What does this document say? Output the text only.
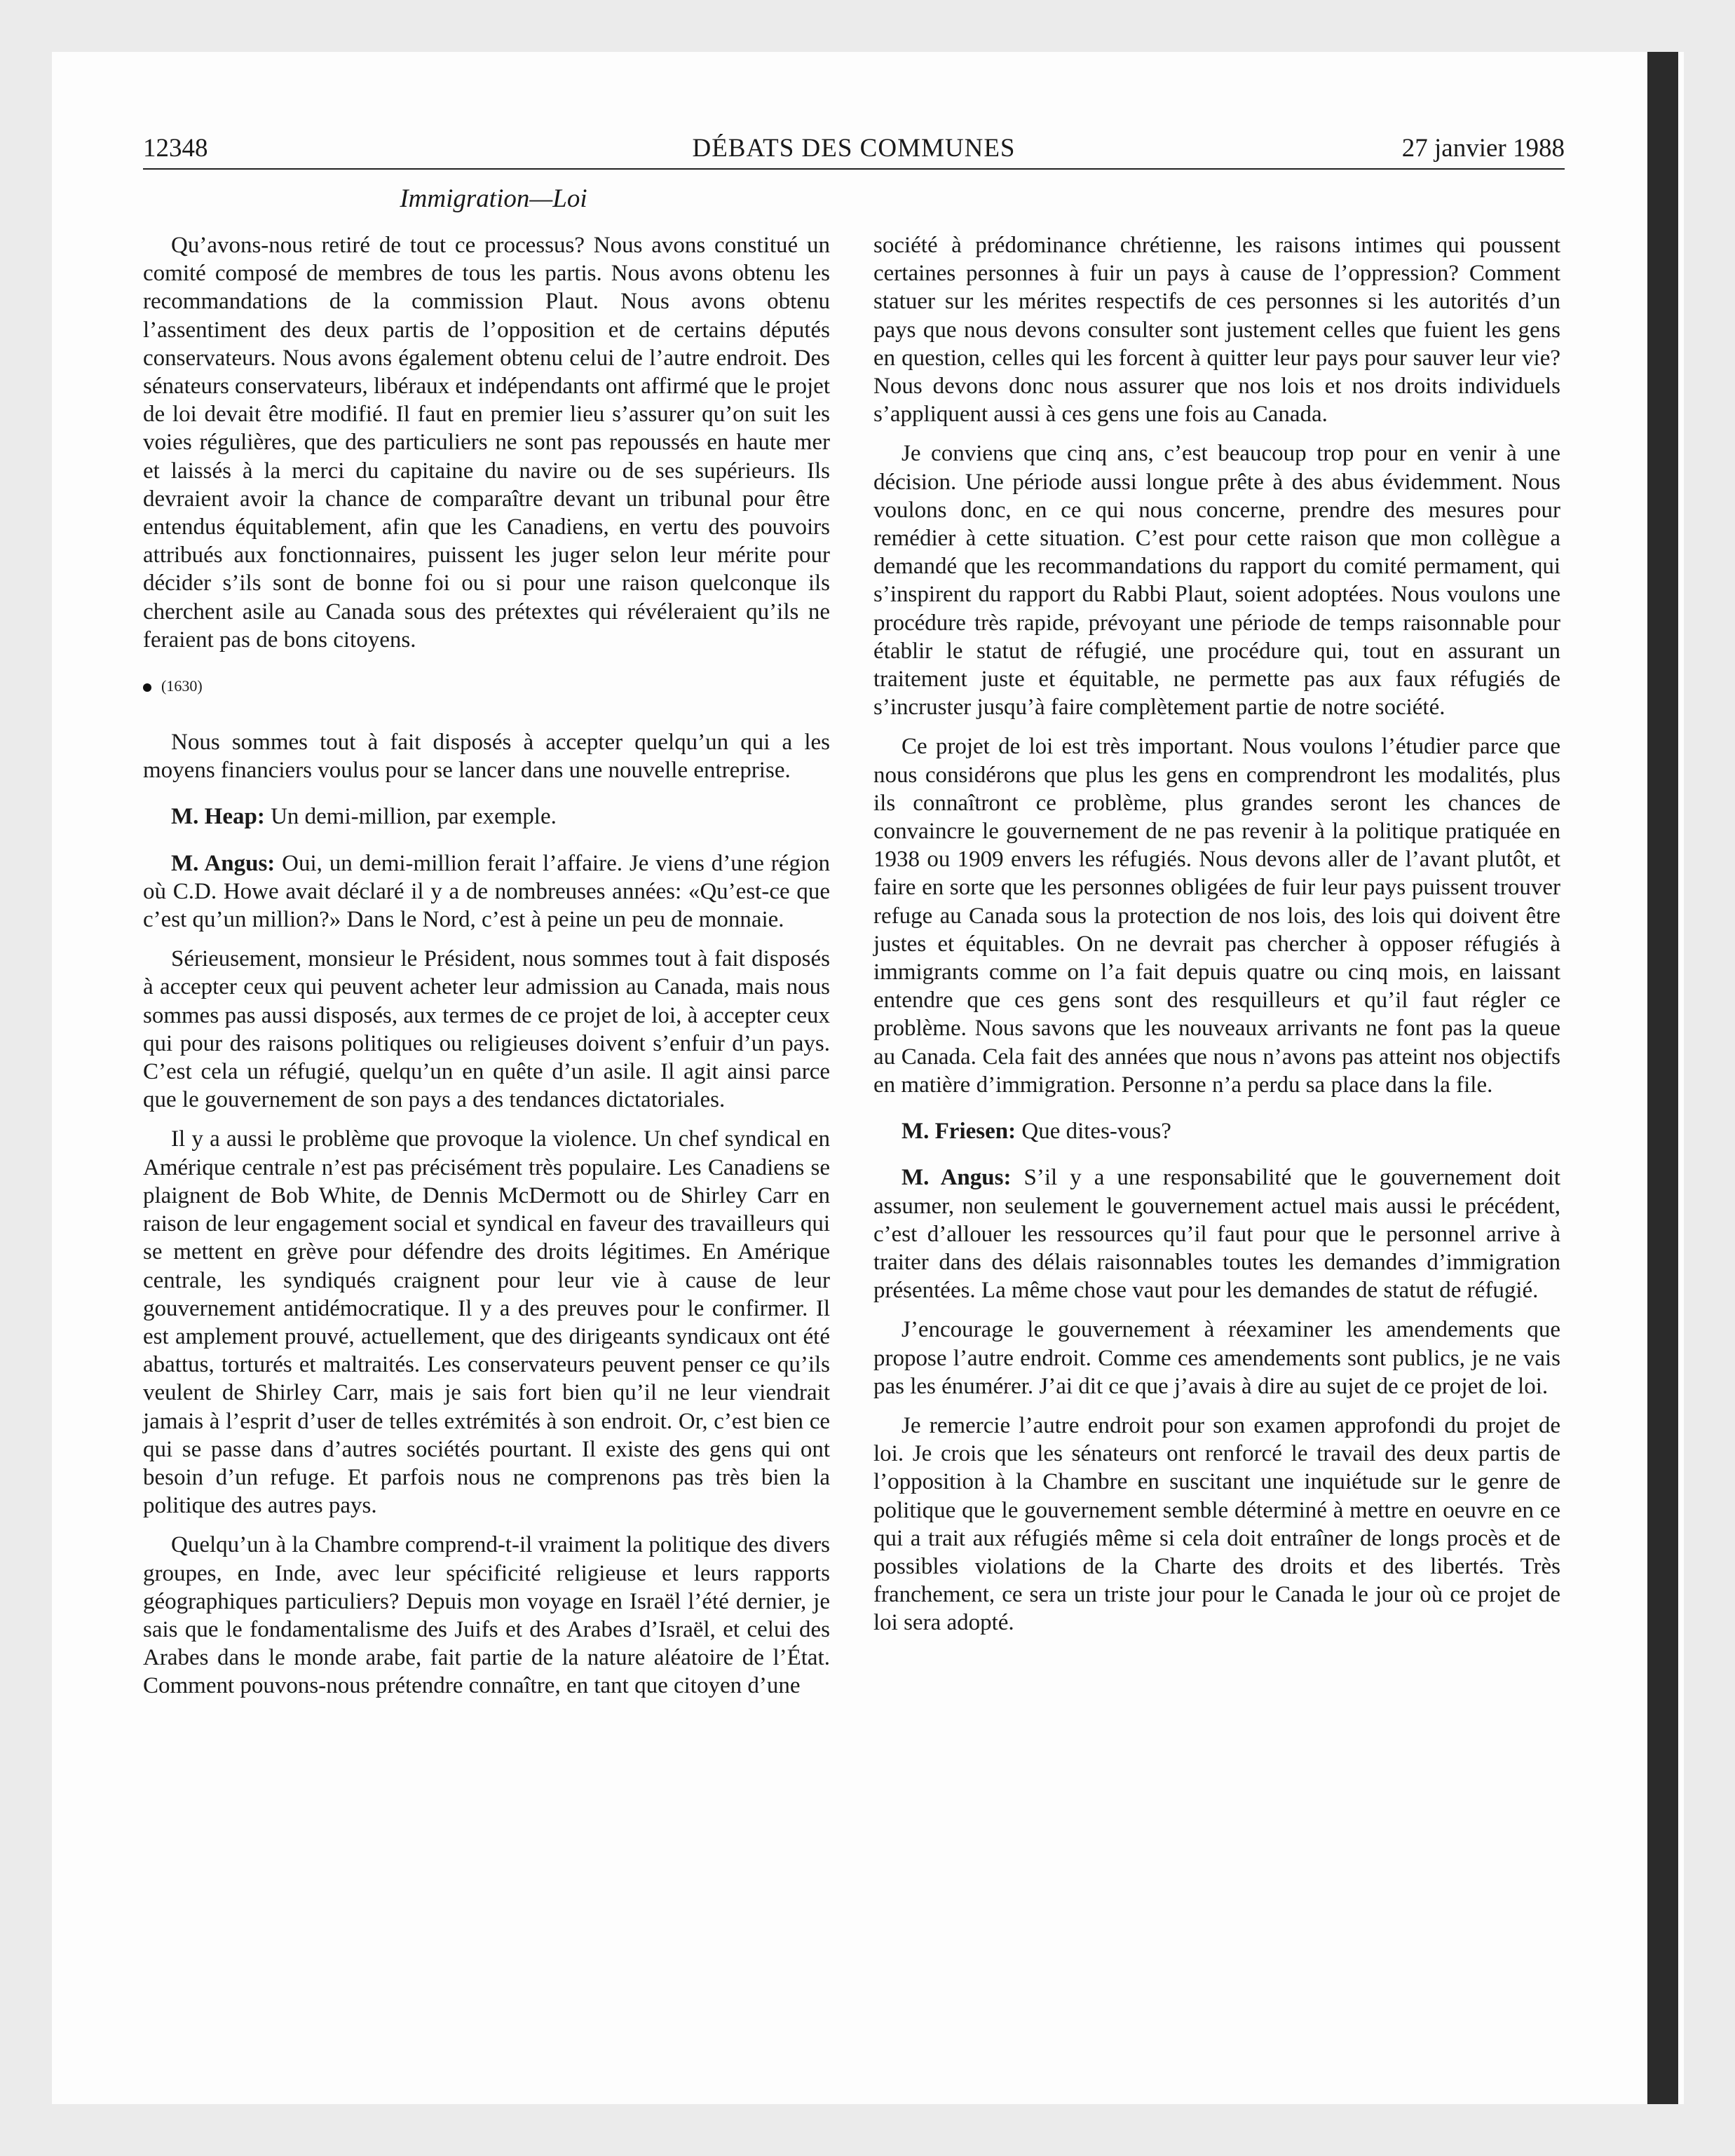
12348	DÉBATS DES COMMUNES	27 janvier 1988
Immigration—Loi

Qu’avons-nous retiré de tout ce processus? Nous avons constitué un comité composé de membres de tous les partis. Nous avons obtenu les recommandations de la commission Plaut. Nous avons obtenu l’assentiment des deux partis de l’opposition et de certains députés conservateurs. Nous avons également obtenu celui de l’autre endroit. Des sénateurs conservateurs, libéraux et indépendants ont affirmé que le projet de loi devait être modifié. Il faut en premier lieu s’assurer qu’on suit les voies régulières, que des particuliers ne sont pas repoussés en haute mer et laissés à la merci du capitaine du navire ou de ses supérieurs. Ils devraient avoir la chance de comparaître devant un tribunal pour être entendus équitablement, afin que les Canadiens, en vertu des pouvoirs attribués aux fonctionnaires, puissent les juger selon leur mérite pour décider s’ils sont de bonne foi ou si pour une raison quelconque ils cherchent asile au Canada sous des prétextes qui révéleraient qu’ils ne feraient pas de bons citoyens.

(1630)

Nous sommes tout à fait disposés à accepter quelqu’un qui a les moyens financiers voulus pour se lancer dans une nouvelle entreprise.

M. Heap: Un demi-million, par exemple.

M. Angus: Oui, un demi-million ferait l’affaire. Je viens d’une région où C.D. Howe avait déclaré il y a de nombreuses années: «Qu’est-ce que c’est qu’un million?» Dans le Nord, c’est à peine un peu de monnaie.

Sérieusement, monsieur le Président, nous sommes tout à fait disposés à accepter ceux qui peuvent acheter leur admission au Canada, mais nous sommes pas aussi disposés, aux termes de ce projet de loi, à accepter ceux qui pour des raisons politiques ou religieuses doivent s’enfuir d’un pays. C’est cela un réfugié, quelqu’un en quête d’un asile. Il agit ainsi parce que le gouvernement de son pays a des tendances dictatoriales.

Il y a aussi le problème que provoque la violence. Un chef syndical en Amérique centrale n’est pas précisément très populaire. Les Canadiens se plaignent de Bob White, de Dennis McDermott ou de Shirley Carr en raison de leur engagement social et syndical en faveur des travailleurs qui se mettent en grève pour défendre des droits légitimes. En Amérique centrale, les syndiqués craignent pour leur vie à cause de leur gouvernement antidémocratique. Il y a des preuves pour le confirmer. Il est amplement prouvé, actuellement, que des dirigeants syndicaux ont été abattus, torturés et maltraités. Les conservateurs peuvent penser ce qu’ils veulent de Shirley Carr, mais je sais fort bien qu’il ne leur viendrait jamais à l’esprit d’user de telles extrémités à son endroit. Or, c’est bien ce qui se passe dans d’autres sociétés pourtant. Il existe des gens qui ont besoin d’un refuge. Et parfois nous ne comprenons pas très bien la politique des autres pays.

Quelqu’un à la Chambre comprend-t-il vraiment la politique des divers groupes, en Inde, avec leur spécificité religieuse et leurs rapports géographiques particuliers? Depuis mon voyage en Israël l’été dernier, je sais que le fondamentalisme des Juifs et des Arabes d’Israël, et celui des Arabes dans le monde arabe, fait partie de la nature aléatoire de l’État. Comment pouvons-nous prétendre connaître, en tant que citoyen d’une

société à prédominance chrétienne, les raisons intimes qui poussent certaines personnes à fuir un pays à cause de l’oppression? Comment statuer sur les mérites respectifs de ces personnes si les autorités d’un pays que nous devons consulter sont justement celles que fuient les gens en question, celles qui les forcent à quitter leur pays pour sauver leur vie? Nous devons donc nous assurer que nos lois et nos droits individuels s’appliquent aussi à ces gens une fois au Canada.

Je conviens que cinq ans, c’est beaucoup trop pour en venir à une décision. Une période aussi longue prête à des abus évidemment. Nous voulons donc, en ce qui nous concerne, prendre des mesures pour remédier à cette situation. C’est pour cette raison que mon collègue a demandé que les recommandations du rapport du comité permament, qui s’inspirent du rapport du Rabbi Plaut, soient adoptées. Nous voulons une procédure très rapide, prévoyant une période de temps raisonnable pour établir le statut de réfugié, une procédure qui, tout en assurant un traitement juste et équitable, ne permette pas aux faux réfugiés de s’incruster jusqu’à faire complètement partie de notre société.

Ce projet de loi est très important. Nous voulons l’étudier parce que nous considérons que plus les gens en comprendront les modalités, plus ils connaîtront ce problème, plus grandes seront les chances de convaincre le gouvernement de ne pas revenir à la politique pratiquée en 1938 ou 1909 envers les réfugiés. Nous devons aller de l’avant plutôt, et faire en sorte que les personnes obligées de fuir leur pays puissent trouver refuge au Canada sous la protection de nos lois, des lois qui doivent être justes et équitables. On ne devrait pas chercher à opposer réfugiés à immigrants comme on l’a fait depuis quatre ou cinq mois, en laissant entendre que ces gens sont des resquilleurs et qu’il faut régler ce problème. Nous savons que les nouveaux arrivants ne font pas la queue au Canada. Cela fait des années que nous n’avons pas atteint nos objectifs en matière d’immigration. Personne n’a perdu sa place dans la file.

M. Friesen: Que dites-vous?

M. Angus: S’il y a une responsabilité que le gouvernement doit assumer, non seulement le gouvernement actuel mais aussi le précédent, c’est d’allouer les ressources qu’il faut pour que le personnel arrive à traiter dans des délais raisonnables toutes les demandes d’immigration présentées. La même chose vaut pour les demandes de statut de réfugié.

J’encourage le gouvernement à réexaminer les amendements que propose l’autre endroit. Comme ces amendements sont publics, je ne vais pas les énumérer. J’ai dit ce que j’avais à dire au sujet de ce projet de loi.

Je remercie l’autre endroit pour son examen approfondi du projet de loi. Je crois que les sénateurs ont renforcé le travail des deux partis de l’opposition à la Chambre en suscitant une inquiétude sur le genre de politique que le gouvernement semble déterminé à mettre en oeuvre en ce qui a trait aux réfugiés même si cela doit entraîner de longs procès et de possibles violations de la Charte des droits et des libertés. Très franchement, ce sera un triste jour pour le Canada le jour où ce projet de loi sera adopté.
